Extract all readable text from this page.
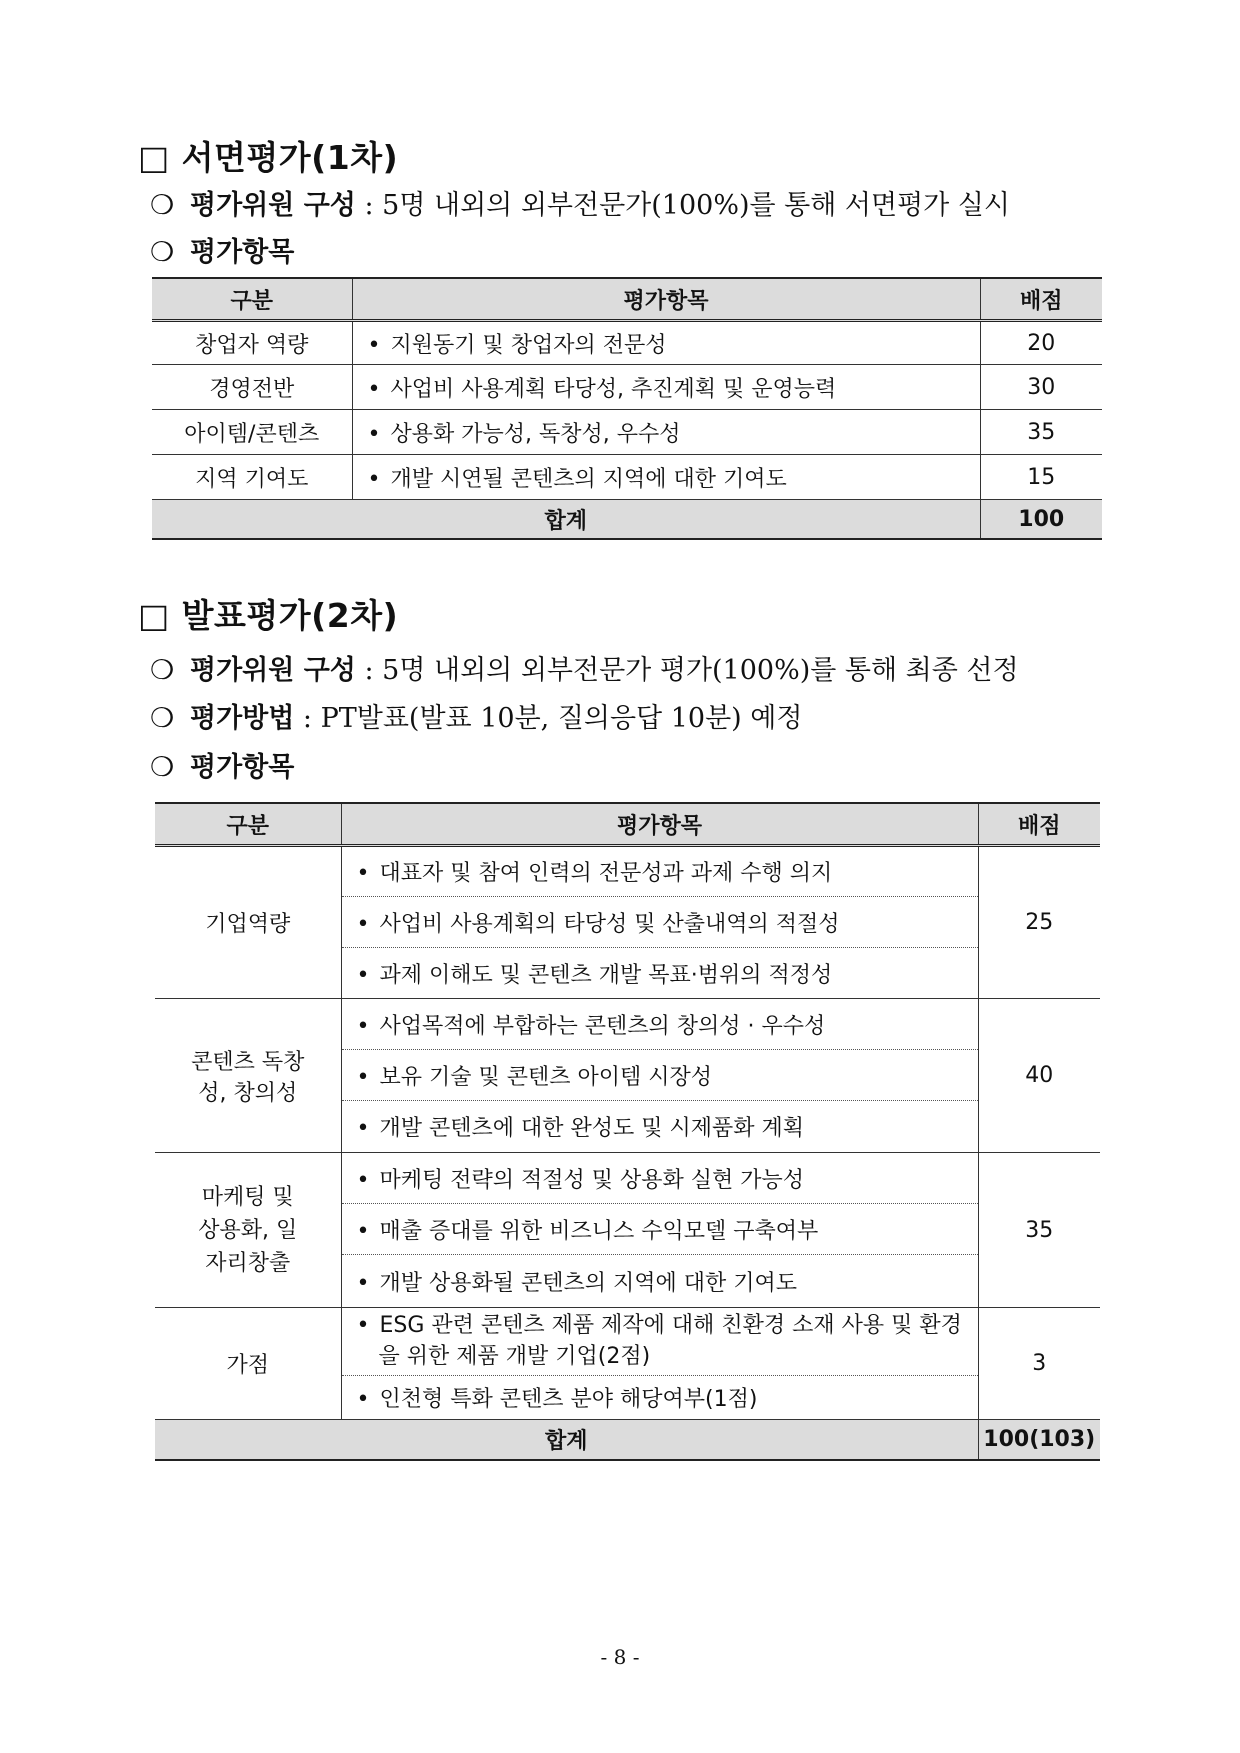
□ 서면평가(1차)
❍ 평가위원 구성 : 5명 내외의 외부전문가(100%)를 통해 서면평가 실시
❍ 평가항목
구분	평가항목	배점
창업자 역량	• 지원동기 및 창업자의 전문성	20
경영전반	• 사업비 사용계획 타당성, 추진계획 및 운영능력	30
아이템/콘텐츠	• 상용화 가능성, 독창성, 우수성	35
지역 기여도	• 개발 시연될 콘텐츠의 지역에 대한 기여도	15
합계		100
□ 발표평가(2차)
❍ 평가위원 구성 : 5명 내외의 외부전문가 평가(100%)를 통해 최종 선정
❍ 평가방법 : PT발표(발표 10분, 질의응답 10분) 예정
❍ 평가항목
구분	평가항목	배점
기업역량	• 대표자 및 참여 인력의 전문성과 과제 수행 의지	25

	• 사업비 사용계획의 타당성 및 산출내역의 적절성

	• 과제 이해도 및 콘텐츠 개발 목표·범위의 적정성

콘텐츠 독창성, 창의성	• 사업목적에 부합하는 콘텐츠의 창의성 · 우수성	40

	• 보유 기술 및 콘텐츠 아이템 시장성

	• 개발 콘텐츠에 대한 완성도 및 시제품화 계획

마케팅 및 상용화, 일자리창출	• 마케팅 전략의 적절성 및 상용화 실현 가능성	35

	• 매출 증대를 위한 비즈니스 수익모델 구축여부

	• 개발 상용화될 콘텐츠의 지역에 대한 기여도

가점	• ESG 관련 콘텐츠 제품 제작에 대해 친환경 소재 사용 및 환경을 위한 제품 개발 기업(2점)	3

	• 인천형 특화 콘텐츠 분야 해당여부(1점)

합계		100(103)
- 8 -
